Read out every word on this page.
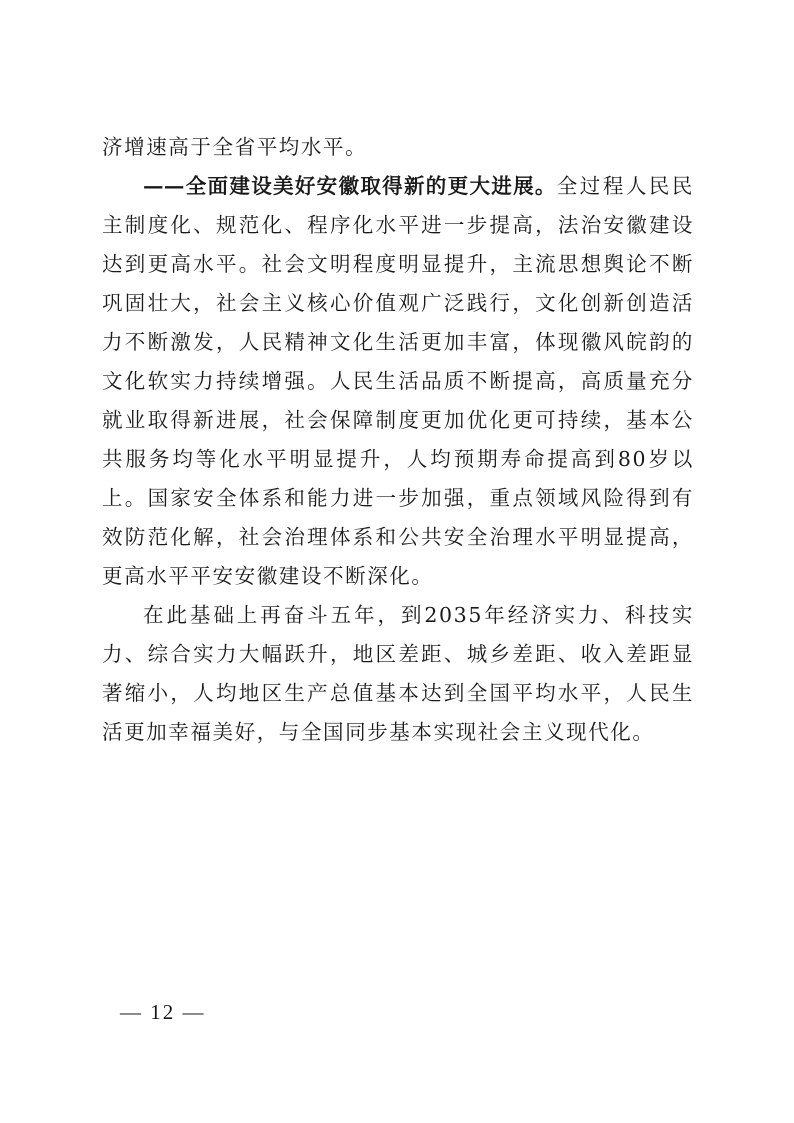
济增速高于全省平均水平。

——全面建设美好安徽取得新的更大进展。全过程人民民主制度化、规范化、程序化水平进一步提高，法治安徽建设达到更高水平。社会文明程度明显提升，主流思想舆论不断巩固壮大，社会主义核心价值观广泛践行，文化创新创造活力不断激发，人民精神文化生活更加丰富，体现徽风皖韵的文化软实力持续增强。人民生活品质不断提高，高质量充分就业取得新进展，社会保障制度更加优化更可持续，基本公共服务均等化水平明显提升，人均预期寿命提高到80岁以上。国家安全体系和能力进一步加强，重点领域风险得到有效防范化解，社会治理体系和公共安全治理水平明显提高，更高水平平安安徽建设不断深化。

在此基础上再奋斗五年，到2035年经济实力、科技实力、综合实力大幅跃升，地区差距、城乡差距、收入差距显著缩小，人均地区生产总值基本达到全国平均水平，人民生活更加幸福美好，与全国同步基本实现社会主义现代化。

— 12 —
